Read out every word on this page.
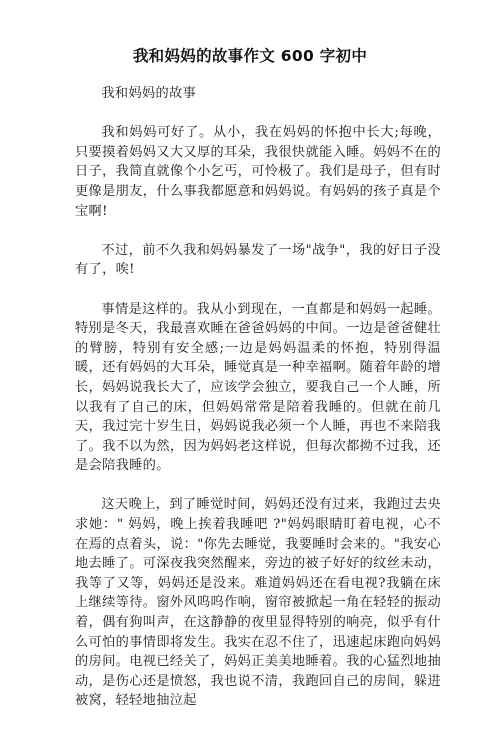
我和妈妈的故事作文 600 字初中

我和妈妈的故事

我和妈妈可好了。从小，我在妈妈的怀抱中长大;每晚，只要摸着妈妈又大又厚的耳朵，我很快就能入睡。妈妈不在的日子，我简直就像个小乞丐，可怜极了。我们是母子，但有时更像是朋友，什么事我都愿意和妈妈说。有妈妈的孩子真是个宝啊!

不过，前不久我和妈妈暴发了一场"战争"，我的好日子没有了，唉!

事情是这样的。我从小到现在，一直都是和妈妈一起睡。特别是冬天，我最喜欢睡在爸爸妈妈的中间。一边是爸爸健壮的臂膀，特别有安全感;一边是妈妈温柔的怀抱，特别得温暖，还有妈妈的大耳朵，睡觉真是一种幸福啊。随着年龄的增长，妈妈说我长大了，应该学会独立，要我自己一个人睡，所以我有了自己的床，但妈妈常常是陪着我睡的。但就在前几天，我过完十岁生日，妈妈说我必须一个人睡，再也不来陪我了。我不以为然，因为妈妈老这样说，但每次都拗不过我，还是会陪我睡的。

这天晚上，到了睡觉时间，妈妈还没有过来，我跑过去央求她：" 妈妈，晚上挨着我睡吧 ?"妈妈眼睛盯着电视，心不在焉的点着头，说："你先去睡觉，我要睡时会来的。"我安心地去睡了。可深夜我突然醒来，旁边的被子好好的纹丝未动，我等了又等，妈妈还是没来。难道妈妈还在看电视?我躺在床上继续等待。窗外风呜呜作响，窗帘被掀起一角在轻轻的振动着，偶有狗叫声，在这静静的夜里显得特别的响亮，似乎有什么可怕的事情即将发生。我实在忍不住了，迅速起床跑向妈妈的房间。电视已经关了，妈妈正美美地睡着。我的心猛烈地抽动，是伤心还是愤怒，我也说不清，我跑回自己的房间，躲进被窝，轻轻地抽泣起
